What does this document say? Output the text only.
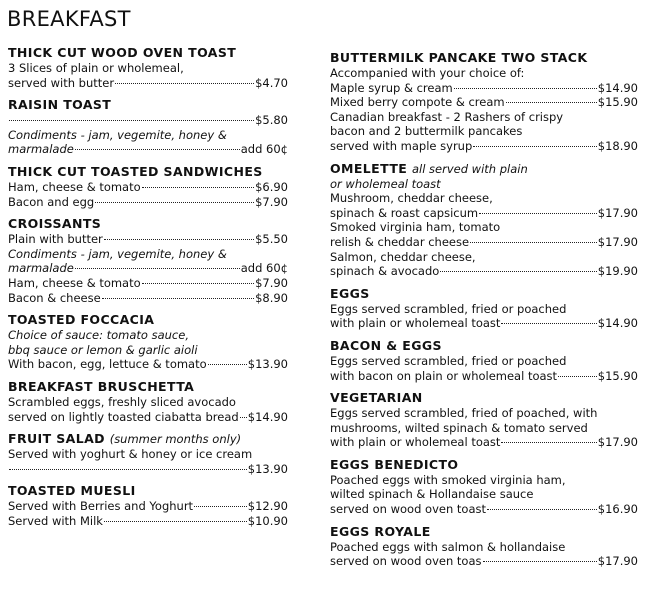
BREAKFAST
THICK CUT WOOD OVEN TOAST
3 Slices of plain or wholemeal,
served with butter	$4.70
RAISIN TOAST
$5.80
Condiments - jam, vegemite, honey &
marmalade	add 60¢
THICK CUT TOASTED SANDWICHES
Ham, cheese & tomato	$6.90
Bacon and egg	$7.90
CROISSANTS
Plain with butter	$5.50
Condiments - jam, vegemite, honey &
marmalade	add 60¢
Ham, cheese & tomato	$7.90
Bacon & cheese	$8.90
TOASTED FOCCACIA
Choice of sauce: tomato sauce,
bbq sauce or lemon & garlic aioli
With bacon, egg, lettuce & tomato	$13.90
BREAKFAST BRUSCHETTA
Scrambled eggs, freshly sliced avocado
served on lightly toasted ciabatta bread $14.90
FRUIT SALAD (summer months only)
Served with yoghurt & honey or ice cream
$13.90
TOASTED MUESLI
Served with Berries and Yoghurt	$12.90
Served with Milk	$10.90
BUTTERMILK PANCAKE TWO STACK
Accompanied with your choice of:
Maple syrup & cream	$14.90
Mixed berry compote & cream	$15.90
Canadian breakfast - 2 Rashers of crispy
bacon and 2 buttermilk pancakes
served with maple syrup	$18.90
OMELETTE all served with plain
or wholemeal toast
Mushroom, cheddar cheese,
spinach & roast capsicum	$17.90
Smoked virginia ham, tomato
relish & cheddar cheese	$17.90
Salmon, cheddar cheese,
spinach & avocado	$19.90
EGGS
Eggs served scrambled, fried or poached
with plain or wholemeal toast	$14.90
BACON & EGGS
Eggs served scrambled, fried or poached
with bacon on plain or wholemeal toast	$15.90
VEGETARIAN
Eggs served scrambled, fried of poached, with
mushrooms, wilted spinach & tomato served
with plain or wholemeal toast	$17.90
EGGS BENEDICTO
Poached eggs with smoked virginia ham,
wilted spinach & Hollandaise sauce
served on wood oven toast	$16.90
EGGS ROYALE
Poached eggs with salmon & hollandaise
served on wood oven toas	$17.90
